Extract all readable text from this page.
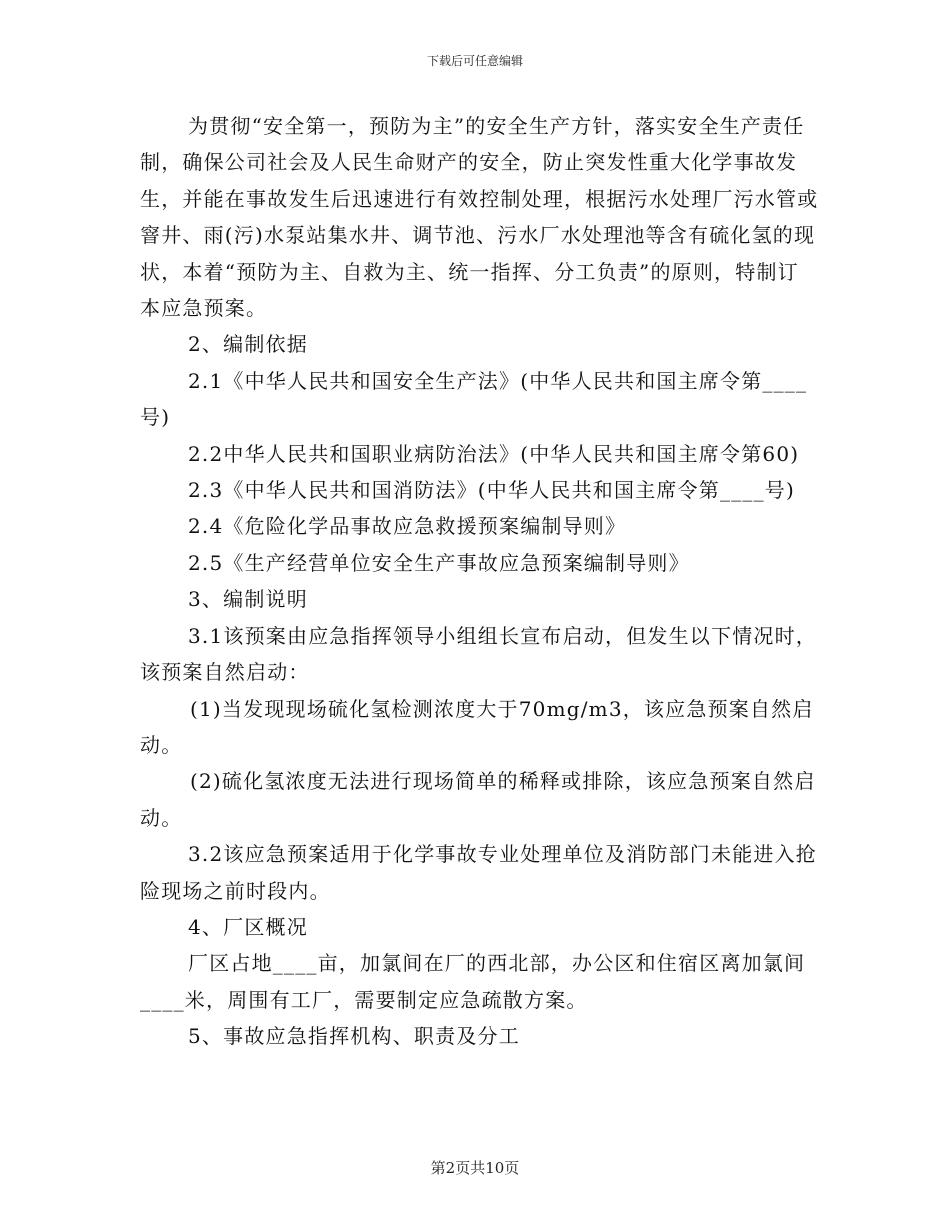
下载后可任意编辑

为贯彻“安全第一，预防为主”的安全生产方针，落实安全生产责任制，确保公司社会及人民生命财产的安全，防止突发性重大化学事故发生，并能在事故发生后迅速进行有效控制处理，根据污水处理厂污水管或窨井、雨(污)水泵站集水井、调节池、污水厂水处理池等含有硫化氢的现状，本着“预防为主、自救为主、统一指挥、分工负责”的原则，特制订本应急预案。

2、编制依据

2.1《中华人民共和国安全生产法》(中华人民共和国主席令第____号)

2.2中华人民共和国职业病防治法》(中华人民共和国主席令第60)

2.3《中华人民共和国消防法》(中华人民共和国主席令第____号)

2.4《危险化学品事故应急救援预案编制导则》

2.5《生产经营单位安全生产事故应急预案编制导则》

3、编制说明

3.1该预案由应急指挥领导小组组长宣布启动，但发生以下情况时，该预案自然启动：

(1)当发现现场硫化氢检测浓度大于70mg/m3，该应急预案自然启动。

(2)硫化氢浓度无法进行现场简单的稀释或排除，该应急预案自然启动。

3.2该应急预案适用于化学事故专业处理单位及消防部门未能进入抢险现场之前时段内。

4、厂区概况

厂区占地____亩，加氯间在厂的西北部，办公区和住宿区离加氯间____米，周围有工厂，需要制定应急疏散方案。

5、事故应急指挥机构、职责及分工

第2页共10页
